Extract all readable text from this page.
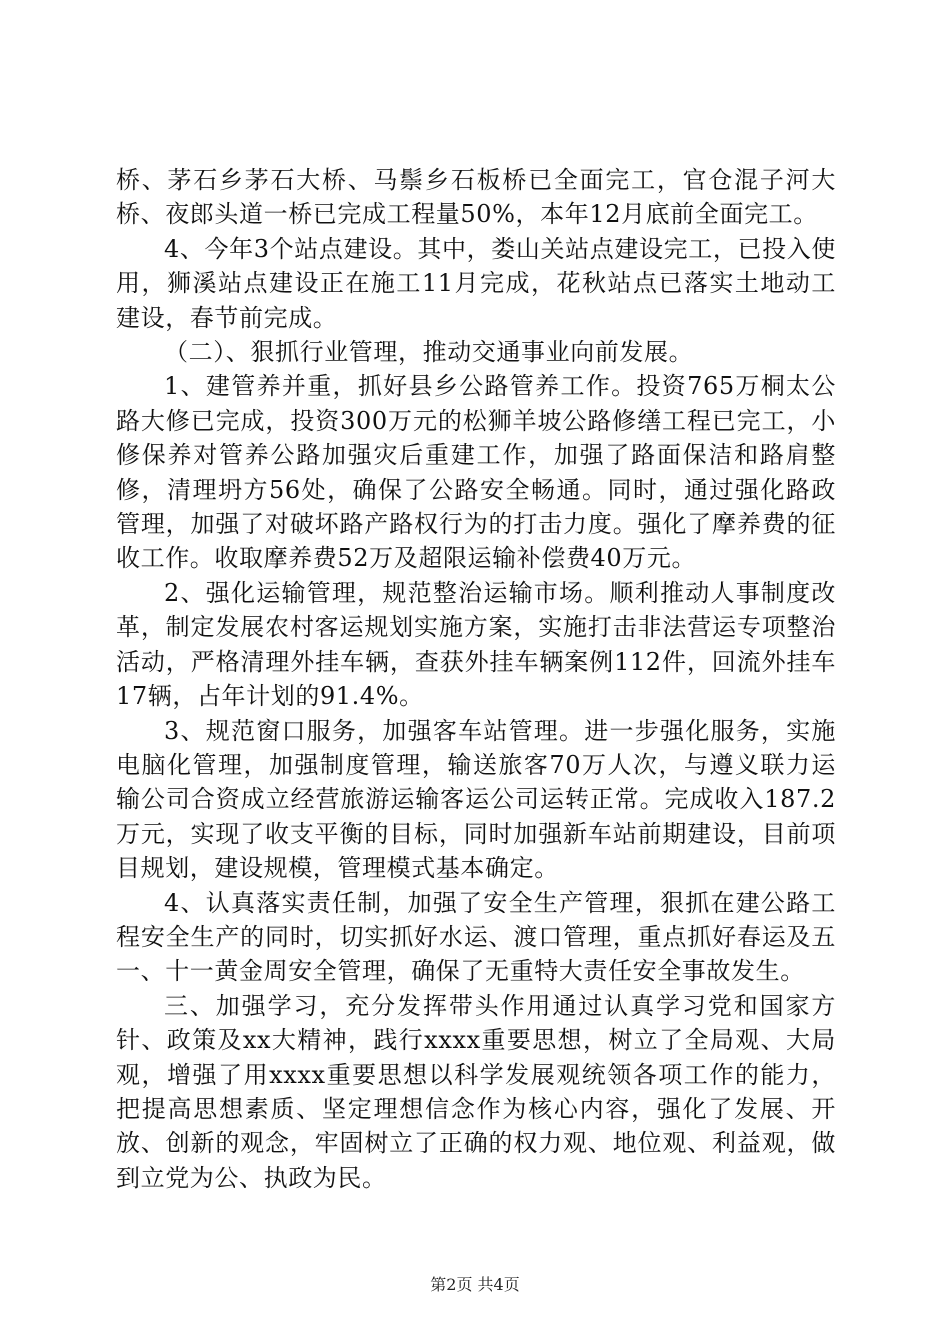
桥、茅石乡茅石大桥、马鬃乡石板桥已全面完工，官仓混子河大桥、夜郎头道一桥已完成工程量50%，本年12月底前全面完工。

4、今年3个站点建设。其中，娄山关站点建设完工，已投入使用，狮溪站点建设正在施工11月完成，花秋站点已落实土地动工建设，春节前完成。

（二）、狠抓行业管理，推动交通事业向前发展。

1、建管养并重，抓好县乡公路管养工作。投资765万桐太公路大修已完成，投资300万元的松狮羊坡公路修缮工程已完工，小修保养对管养公路加强灾后重建工作，加强了路面保洁和路肩整修，清理坍方56处，确保了公路安全畅通。同时，通过强化路政管理，加强了对破坏路产路权行为的打击力度。强化了摩养费的征收工作。收取摩养费52万及超限运输补偿费40万元。

2、强化运输管理，规范整治运输市场。顺利推动人事制度改革，制定发展农村客运规划实施方案，实施打击非法营运专项整治活动，严格清理外挂车辆，查获外挂车辆案例112件，回流外挂车17辆，占年计划的91.4%。

3、规范窗口服务，加强客车站管理。进一步强化服务，实施电脑化管理，加强制度管理，输送旅客70万人次，与遵义联力运输公司合资成立经营旅游运输客运公司运转正常。完成收入187.2万元，实现了收支平衡的目标，同时加强新车站前期建设，目前项目规划，建设规模，管理模式基本确定。

4、认真落实责任制，加强了安全生产管理，狠抓在建公路工程安全生产的同时，切实抓好水运、渡口管理，重点抓好春运及五一、十一黄金周安全管理，确保了无重特大责任安全事故发生。

三、加强学习，充分发挥带头作用通过认真学习党和国家方针、政策及xx大精神，践行xxxx重要思想，树立了全局观、大局观，增强了用xxxx重要思想以科学发展观统领各项工作的能力，把提高思想素质、坚定理想信念作为核心内容，强化了发展、开放、创新的观念，牢固树立了正确的权力观、地位观、利益观，做到立党为公、执政为民。

第2页 共4页
